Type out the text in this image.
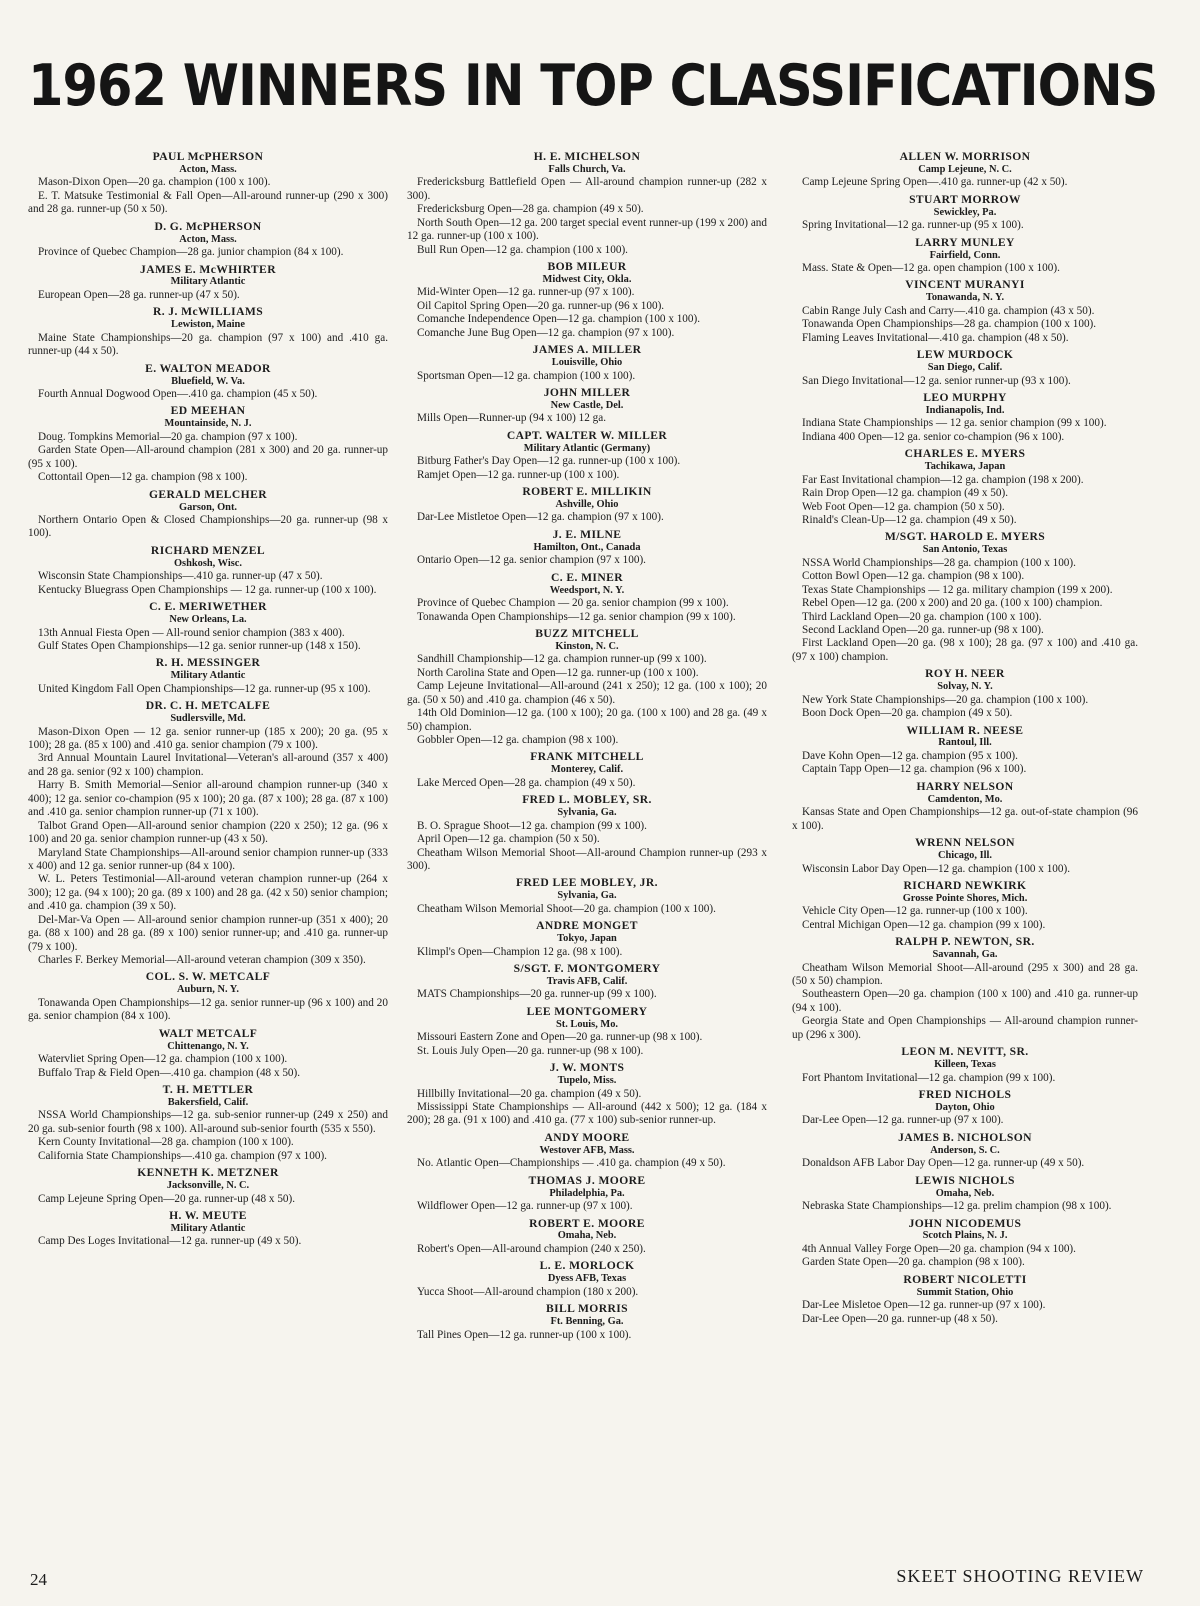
1962 WINNERS IN TOP CLASSIFICATIONS
PAUL McPHERSON
Acton, Mass.
Mason-Dixon Open—20 ga. champion (100 x 100).
E. T. Matsuke Testimonial & Fall Open—All-around runner-up (290 x 300) and 28 ga. runner-up (50 x 50).
D. G. McPHERSON
Acton, Mass.
Province of Quebec Champion—28 ga. junior champion (84 x 100).
JAMES E. McWHIRTER
Military Atlantic
European Open—28 ga. runner-up (47 x 50).
R. J. McWILLIAMS
Lewiston, Maine
Maine State Championships—20 ga. champion (97 x 100) and .410 ga. runner-up (44 x 50).
E. WALTON MEADOR
Bluefield, W. Va.
Fourth Annual Dogwood Open—.410 ga. champion (45 x 50).
ED MEEHAN
Mountainside, N. J.
Doug. Tompkins Memorial—20 ga. champion (97 x 100).
Garden State Open—All-around champion (281 x 300) and 20 ga. runner-up (95 x 100).
Cottontail Open—12 ga. champion (98 x 100).
GERALD MELCHER
Garson, Ont.
Northern Ontario Open & Closed Championships—20 ga. runner-up (98 x 100).
RICHARD MENZEL
Oshkosh, Wisc.
Wisconsin State Championships—.410 ga. runner-up (47 x 50).
Kentucky Bluegrass Open Championships — 12 ga. runner-up (100 x 100).
C. E. MERIWETHER
New Orleans, La.
13th Annual Fiesta Open — All-round senior champion (383 x 400).
Gulf States Open Championships—12 ga. senior runner-up (148 x 150).
R. H. MESSINGER
Military Atlantic
United Kingdom Fall Open Championships—12 ga. runner-up (95 x 100).
DR. C. H. METCALFE
Sudlersville, Md.
Mason-Dixon Open — 12 ga. senior runner-up (185 x 200); 20 ga. (95 x 100); 28 ga. (85 x 100) and .410 ga. senior champion (79 x 100).
3rd Annual Mountain Laurel Invitational—Veteran's all-around (357 x 400) and 28 ga. senior (92 x 100) champion.
Harry B. Smith Memorial—Senior all-around champion runner-up (340 x 400); 12 ga. senior co-champion (95 x 100); 20 ga. (87 x 100); 28 ga. (87 x 100) and .410 ga. senior champion runner-up (71 x 100).
Talbot Grand Open—All-around senior champion (220 x 250); 12 ga. (96 x 100) and 20 ga. senior champion runner-up (43 x 50).
Maryland State Championships—All-around senior champion runner-up (333 x 400) and 12 ga. senior runner-up (84 x 100).
W. L. Peters Testimonial—All-around veteran champion runner-up (264 x 300); 12 ga. (94 x 100); 20 ga. (89 x 100) and 28 ga. (42 x 50) senior champion; and .410 ga. champion (39 x 50).
Del-Mar-Va Open — All-around senior champion runner-up (351 x 400); 20 ga. (88 x 100) and 28 ga. (89 x 100) senior runner-up; and .410 ga. runner-up (79 x 100).
Charles F. Berkey Memorial—All-around veteran champion (309 x 350).
COL. S. W. METCALF
Auburn, N. Y.
Tonawanda Open Championships—12 ga. senior runner-up (96 x 100) and 20 ga. senior champion (84 x 100).
WALT METCALF
Chittenango, N. Y.
Watervliet Spring Open—12 ga. champion (100 x 100).
Buffalo Trap & Field Open—.410 ga. champion (48 x 50).
T. H. METTLER
Bakersfield, Calif.
NSSA World Championships—12 ga. sub-senior runner-up (249 x 250) and 20 ga. sub-senior fourth (98 x 100). All-around sub-senior fourth (535 x 550).
Kern County Invitational—28 ga. champion (100 x 100).
California State Championships—.410 ga. champion (97 x 100).
KENNETH K. METZNER
Jacksonville, N. C.
Camp Lejeune Spring Open—20 ga. runner-up (48 x 50).
H. W. MEUTE
Military Atlantic
Camp Des Loges Invitational—12 ga. runner-up (49 x 50).
H. E. MICHELSON
Falls Church, Va.
Fredericksburg Battlefield Open — All-around champion runner-up (282 x 300).
Fredericksburg Open—28 ga. champion (49 x 50).
North South Open—12 ga. 200 target special event runner-up (199 x 200) and 12 ga. runner-up (100 x 100).
Bull Run Open—12 ga. champion (100 x 100).
BOB MILEUR
Midwest City, Okla.
Mid-Winter Open—12 ga. runner-up (97 x 100).
Oil Capitol Spring Open—20 ga. runner-up (96 x 100).
Comanche Independence Open—12 ga. champion (100 x 100).
Comanche June Bug Open—12 ga. champion (97 x 100).
JAMES A. MILLER
Louisville, Ohio
Sportsman Open—12 ga. champion (100 x 100).
JOHN MILLER
New Castle, Del.
Mills Open—Runner-up (94 x 100) 12 ga.
CAPT. WALTER W. MILLER
Military Atlantic (Germany)
Bitburg Father's Day Open—12 ga. runner-up (100 x 100).
Ramjet Open—12 ga. runner-up (100 x 100).
ROBERT E. MILLIKIN
Ashville, Ohio
Dar-Lee Mistletoe Open—12 ga. champion (97 x 100).
J. E. MILNE
Hamilton, Ont., Canada
Ontario Open—12 ga. senior champion (97 x 100).
C. E. MINER
Weedsport, N. Y.
Province of Quebec Champion — 20 ga. senior champion (99 x 100).
Tonawanda Open Championships—12 ga. senior champion (99 x 100).
BUZZ MITCHELL
Kinston, N. C.
Sandhill Championship—12 ga. champion runner-up (99 x 100).
North Carolina State and Open—12 ga. runner-up (100 x 100).
Camp Lejeune Invitational—All-around (241 x 250); 12 ga. (100 x 100); 20 ga. (50 x 50) and .410 ga. champion (46 x 50).
14th Old Dominion—12 ga. (100 x 100); 20 ga. (100 x 100) and 28 ga. (49 x 50) champion.
Gobbler Open—12 ga. champion (98 x 100).
FRANK MITCHELL
Monterey, Calif.
Lake Merced Open—28 ga. champion (49 x 50).
FRED L. MOBLEY, SR.
Sylvania, Ga.
B. O. Sprague Shoot—12 ga. champion (99 x 100).
April Open—12 ga. champion (50 x 50).
Cheatham Wilson Memorial Shoot—All-around Champion runner-up (293 x 300).
FRED LEE MOBLEY, JR.
Sylvania, Ga.
Cheatham Wilson Memorial Shoot—20 ga. champion (100 x 100).
ANDRE MONGET
Tokyo, Japan
Klimpl's Open—Champion 12 ga. (98 x 100).
S/SGT. F. MONTGOMERY
Travis AFB, Calif.
MATS Championships—20 ga. runner-up (99 x 100).
LEE MONTGOMERY
St. Louis, Mo.
Missouri Eastern Zone and Open—20 ga. runner-up (98 x 100).
St. Louis July Open—20 ga. runner-up (98 x 100).
J. W. MONTS
Tupelo, Miss.
Hillbilly Invitational—20 ga. champion (49 x 50).
Mississippi State Championships — All-around (442 x 500); 12 ga. (184 x 200); 28 ga. (91 x 100) and .410 ga. (77 x 100) sub-senior runner-up.
ANDY MOORE
Westover AFB, Mass.
No. Atlantic Open—Championships — .410 ga. champion (49 x 50).
THOMAS J. MOORE
Philadelphia, Pa.
Wildflower Open—12 ga. runner-up (97 x 100).
ROBERT E. MOORE
Omaha, Neb.
Robert's Open—All-around champion (240 x 250).
L. E. MORLOCK
Dyess AFB, Texas
Yucca Shoot—All-around champion (180 x 200).
BILL MORRIS
Ft. Benning, Ga.
Tall Pines Open—12 ga. runner-up (100 x 100).
ALLEN W. MORRISON
Camp Lejeune, N. C.
Camp Lejeune Spring Open—.410 ga. runner-up (42 x 50).
STUART MORROW
Sewickley, Pa.
Spring Invitational—12 ga. runner-up (95 x 100).
LARRY MUNLEY
Fairfield, Conn.
Mass. State & Open—12 ga. open champion (100 x 100).
VINCENT MURANYI
Tonawanda, N. Y.
Cabin Range July Cash and Carry—.410 ga. champion (43 x 50).
Tonawanda Open Championships—28 ga. champion (100 x 100).
Flaming Leaves Invitational—.410 ga. champion (48 x 50).
LEW MURDOCK
San Diego, Calif.
San Diego Invitational—12 ga. senior runner-up (93 x 100).
LEO MURPHY
Indianapolis, Ind.
Indiana State Championships — 12 ga. senior champion (99 x 100).
Indiana 400 Open—12 ga. senior co-champion (96 x 100).
CHARLES E. MYERS
Tachikawa, Japan
Far East Invitational champion—12 ga. champion (198 x 200).
Rain Drop Open—12 ga. champion (49 x 50).
Web Foot Open—12 ga. champion (50 x 50).
Rinald's Clean-Up—12 ga. champion (49 x 50).
M/SGT. HAROLD E. MYERS
San Antonio, Texas
NSSA World Championships—28 ga. champion (100 x 100).
Cotton Bowl Open—12 ga. champion (98 x 100).
Texas State Championships — 12 ga. military champion (199 x 200).
Rebel Open—12 ga. (200 x 200) and 20 ga. (100 x 100) champion.
Third Lackland Open—20 ga. champion (100 x 100).
Second Lackland Open—20 ga. runner-up (98 x 100).
First Lackland Open—20 ga. (98 x 100); 28 ga. (97 x 100) and .410 ga. (97 x 100) champion.
ROY H. NEER
Solvay, N. Y.
New York State Championships—20 ga. champion (100 x 100).
Boon Dock Open—20 ga. champion (49 x 50).
WILLIAM R. NEESE
Rantoul, Ill.
Dave Kohn Open—12 ga. champion (95 x 100).
Captain Tapp Open—12 ga. champion (96 x 100).
HARRY NELSON
Camdenton, Mo.
Kansas State and Open Championships—12 ga. out-of-state champion (96 x 100).
WRENN NELSON
Chicago, Ill.
Wisconsin Labor Day Open—12 ga. champion (100 x 100).
RICHARD NEWKIRK
Grosse Pointe Shores, Mich.
Vehicle City Open—12 ga. runner-up (100 x 100).
Central Michigan Open—12 ga. champion (99 x 100).
RALPH P. NEWTON, SR.
Savannah, Ga.
Cheatham Wilson Memorial Shoot—All-around (295 x 300) and 28 ga. (50 x 50) champion.
Southeastern Open—20 ga. champion (100 x 100) and .410 ga. runner-up (94 x 100).
Georgia State and Open Championships — All-around champion runner-up (296 x 300).
LEON M. NEVITT, SR.
Killeen, Texas
Fort Phantom Invitational—12 ga. champion (99 x 100).
FRED NICHOLS
Dayton, Ohio
Dar-Lee Open—12 ga. runner-up (97 x 100).
JAMES B. NICHOLSON
Anderson, S. C.
Donaldson AFB Labor Day Open—12 ga. runner-up (49 x 50).
LEWIS NICHOLS
Omaha, Neb.
Nebraska State Championships—12 ga. prelim champion (98 x 100).
JOHN NICODEMUS
Scotch Plains, N. J.
4th Annual Valley Forge Open—20 ga. champion (94 x 100).
Garden State Open—20 ga. champion (98 x 100).
ROBERT NICOLETTI
Summit Station, Ohio
Dar-Lee Misletoe Open—12 ga. runner-up (97 x 100).
Dar-Lee Open—20 ga. runner-up (48 x 50).
24	SKEET SHOOTING REVIEW
